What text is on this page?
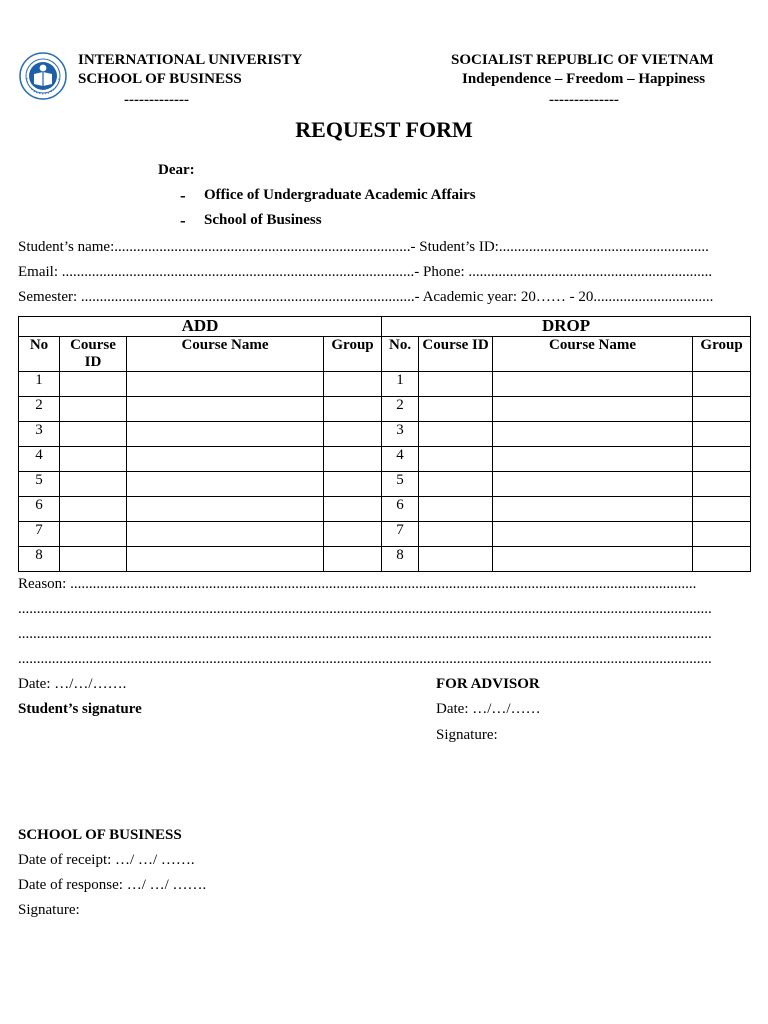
INTERNATIONAL UNIVERISTY
SCHOOL OF BUSINESS
-------------
SOCIALIST REPUBLIC OF VIETNAM
Independence – Freedom – Happiness
--------------
REQUEST FORM
Dear:
- Office of Undergraduate Academic Affairs
- School of Business
Student’s name:...............................................................................- Student’s ID:........................................................
Email: ..............................................................................................- Phone: .................................................................
Semester: .........................................................................................- Academic year: 20…… - 20................................
ADD				DROP			
No	Course ID	Course Name	Group	No.	Course ID	Course Name	Group
1				1			
2				2			
3				3			
4				4			
5				5			
6				6			
7				7			
8				8			
Reason: .......................................................................................................................................................................
.........................................................................................................................................................................................
.........................................................................................................................................................................................
.........................................................................................................................................................................................
Date: …/…/…….
Student’s signature
FOR ADVISOR
Date: …/…/……
Signature:
SCHOOL OF BUSINESS
Date of receipt: …/ …/ …….
Date of response: …/ …/ …….
Signature:
